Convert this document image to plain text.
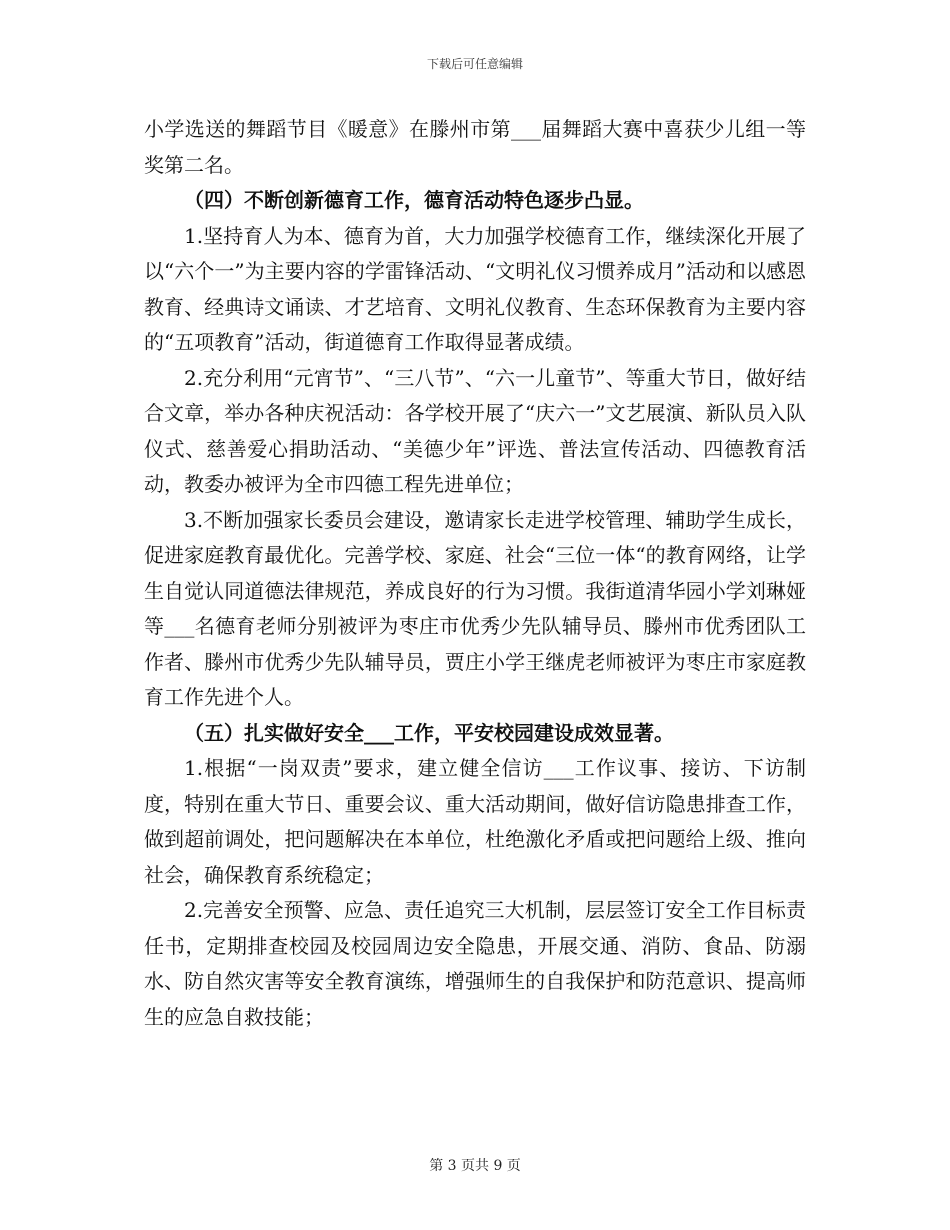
下载后可任意编辑

小学选送的舞蹈节目《暖意》在滕州市第___届舞蹈大赛中喜获少儿组一等奖第二名。

（四）不断创新德育工作，德育活动特色逐步凸显。

1.坚持育人为本、德育为首，大力加强学校德育工作，继续深化开展了以“六个一”为主要内容的学雷锋活动、“文明礼仪习惯养成月”活动和以感恩教育、经典诗文诵读、才艺培育、文明礼仪教育、生态环保教育为主要内容的“五项教育”活动，街道德育工作取得显著成绩。

2.充分利用“元宵节”、“三八节”、“六一儿童节”、等重大节日，做好结合文章，举办各种庆祝活动：各学校开展了“庆六一”文艺展演、新队员入队仪式、慈善爱心捐助活动、“美德少年”评选、普法宣传活动、四德教育活动，教委办被评为全市四德工程先进单位；

3.不断加强家长委员会建设，邀请家长走进学校管理、辅助学生成长，促进家庭教育最优化。完善学校、家庭、社会“三位一体“的教育网络，让学生自觉认同道德法律规范，养成良好的行为习惯。我街道清华园小学刘琳娅等___名德育老师分别被评为枣庄市优秀少先队辅导员、滕州市优秀团队工作者、滕州市优秀少先队辅导员，贾庄小学王继虎老师被评为枣庄市家庭教育工作先进个人。

（五）扎实做好安全___工作，平安校园建设成效显著。

1.根据“一岗双责”要求，建立健全信访___工作议事、接访、下访制度，特别在重大节日、重要会议、重大活动期间，做好信访隐患排查工作，做到超前调处，把问题解决在本单位，杜绝激化矛盾或把问题给上级、推向社会，确保教育系统稳定；

2.完善安全预警、应急、责任追究三大机制，层层签订安全工作目标责任书，定期排查校园及校园周边安全隐患，开展交通、消防、食品、防溺水、防自然灾害等安全教育演练，增强师生的自我保护和防范意识、提高师生的应急自救技能；

第 3 页共 9 页
